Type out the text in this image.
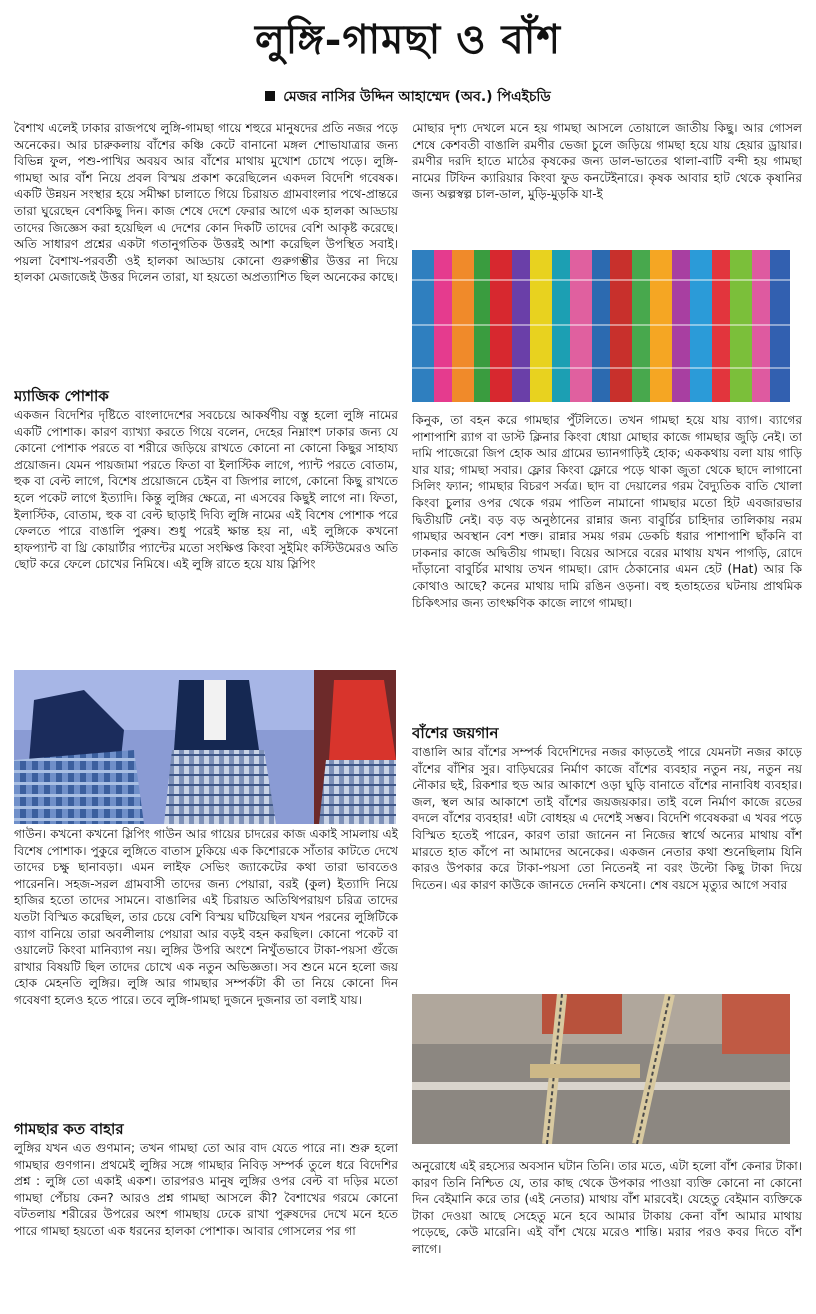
লুঙ্গি-গামছা ও বাঁশ
মেজর নাসির উদ্দিন আহাম্মেদ (অব.) পিএইচডি

বৈশাখ এলেই ঢাকার রাজপথে লুঙ্গি-গামছা গায়ে শহুরে মানুষদের প্রতি নজর পড়ে অনেকের। আর চারুকলায় বাঁশের কঞ্চি কেটে বানানো মঙ্গল শোভাযাত্রার জন্য বিভিন্ন ফুল, পশু-পাখির অবয়ব আর বাঁশের মাথায় মুখোশ চোখে পড়ে। লুঙ্গি-গামছা আর বাঁশ নিয়ে প্রবল বিস্ময় প্রকাশ করেছিলেন একদল বিদেশি গবেষক। একটি উন্নয়ন সংস্থার হয়ে সমীক্ষা চালাতে গিয়ে চিরায়ত গ্রামবাংলার পথে-প্রান্তরে তারা ঘুরেছেন বেশকিছু দিন। কাজ শেষে দেশে ফেরার আগে এক হালকা আড্ডায় তাদের জিজ্ঞেস করা হয়েছিল এ দেশের কোন দিকটি তাদের বেশি আকৃষ্ট করেছে। অতি সাধারণ প্রশ্নের একটা গতানুগতিক উত্তরই আশা করেছিল উপস্থিত সবাই। পয়লা বৈশাখ-পরবর্তী ওই হালকা আড্ডায় কোনো গুরুগম্ভীর উত্তর না দিয়ে হালকা মেজাজেই উত্তর দিলেন তারা, যা হয়তো অপ্রত্যাশিত ছিল অনেকের কাছে।

ম্যাজিক পোশাক

একজন বিদেশির দৃষ্টিতে বাংলাদেশের সবচেয়ে আকর্ষণীয় বস্তু হলো লুঙ্গি নামের একটি পোশাক। কারণ ব্যাখ্যা করতে গিয়ে বলেন, দেহের নিম্নাংশ ঢাকার জন্য যে কোনো পোশাক পরতে বা শরীরে জড়িয়ে রাখতে কোনো না কোনো কিছুর সাহায্য প্রয়োজন। যেমন পায়জামা পরতে ফিতা বা ইলাস্টিক লাগে, প্যান্ট পরতে বোতাম, হুক বা বেল্ট লাগে, বিশেষ প্রয়োজনে চেইন বা জিপার লাগে, কোনো কিছু রাখতে হলে পকেট লাগে ইত্যাদি। কিন্তু লুঙ্গির ক্ষেত্রে, না এসবের কিছুই লাগে না। ফিতা, ইলাস্টিক, বোতাম, হুক বা বেল্ট ছাড়াই দিব্যি লুঙ্গি নামের এই বিশেষ পোশাক পরে ফেলতে পারে বাঙালি পুরুষ। শুধু পরেই ক্ষান্ত হয় না, এই লুঙ্গিকে কখনো হাফপ্যান্ট বা থ্রি কোয়ার্টার প্যান্টের মতো সংক্ষিপ্ত কিংবা সুইমিং কস্টিউমেরও অতি ছোট করে ফেলে চোখের নিমিষে। এই লুঙ্গি রাতে হয়ে যায় স্লিপিং

গাউন। কখনো কখনো স্লিপিং গাউন আর গায়ের চাদরের কাজ একাই সামলায় এই বিশেষ পোশাক। পুকুরে লুঙ্গিতে বাতাস ঢুকিয়ে এক কিশোরকে সাঁতার কাটতে দেখে তাদের চক্ষু ছানাবড়া। এমন লাইফ সেভিং জ্যাকেটের কথা তারা ভাবতেও পারেননি। সহজ-সরল গ্রামবাসী তাদের জন্য পেয়ারা, বরই (কুল) ইত্যাদি নিয়ে হাজির হতো তাদের সামনে। বাঙালির এই চিরায়ত অতিথিপরায়ণ চরিত্র তাদের যতটা বিস্মিত করেছিল, তার চেয়ে বেশি বিস্ময় ঘটিয়েছিল যখন পরনের লুঙ্গিটিকে ব্যাগ বানিয়ে তারা অবলীলায় পেয়ারা আর বড়ই বহন করছিল। কোনো পকেট বা ওয়ালেট কিংবা মানিব্যাগ নয়। লুঙ্গির উপরি অংশে নিখুঁতভাবে টাকা-পয়সা গুঁজে রাখার বিষয়টি ছিল তাদের চোখে এক নতুন অভিজ্ঞতা। সব শুনে মনে হলো জয় হোক মেহনতি লুঙ্গির। লুঙ্গি আর গামছার সম্পর্কটা কী তা নিয়ে কোনো দিন গবেষণা হলেও হতে পারে। তবে লুঙ্গি-গামছা দুজনে দুজনার তা বলাই যায়।

গামছার কত বাহার

লুঙ্গির যখন এত গুণমান; তখন গামছা তো আর বাদ যেতে পারে না। শুরু হলো গামছার গুণগান। প্রথমেই লুঙ্গির সঙ্গে গামছার নিবিড় সম্পর্ক তুলে ধরে বিদেশির প্রশ্ন : লুঙ্গি তো একাই একশ। তারপরও মানুষ লুঙ্গির ওপর বেল্ট বা দড়ির মতো গামছা পেঁচায় কেন? আরও প্রশ্ন গামছা আসলে কী? বৈশাখের গরমে কোনো বটতলায় শরীরের উপরের অংশ গামছায় ঢেকে রাখা পুরুষদের দেখে মনে হতে পারে গামছা হয়তো এক ধরনের হালকা পোশাক। আবার গোসলের পর গা

মোছার দৃশ্য দেখলে মনে হয় গামছা আসলে তোয়ালে জাতীয় কিছু। আর গোসল শেষে কেশবতী বাঙালি রমণীর ভেজা চুলে জড়িয়ে গামছা হয়ে যায় হেয়ার ড্রায়ার। রমণীর দরদি হাতে মাঠের কৃষকের জন্য ডাল-ভাতের থালা-বাটি বন্দী হয় গামছা নামের টিফিন ক্যারিয়ার কিংবা ফুড কনটেইনারে। কৃষক আবার হাট থেকে কৃষানির জন্য অল্পস্বল্প চাল-ডাল, মুড়ি-মুড়কি যা-ই

কিনুক, তা বহন করে গামছার পুঁটলিতে। তখন গামছা হয়ে যায় ব্যাগ। ব্যাগের পাশাপাশি র‍্যাগ বা ডাস্ট ক্লিনার কিংবা ধোয়া মোছার কাজে গামছার জুড়ি নেই। তা দামি পাজেরো জিপ হোক আর গ্রামের ভ্যানগাড়িই হোক; এককথায় বলা যায় গাড়ি যার যার; গামছা সবার। ফ্লোর কিংবা ফ্লোরে পড়ে থাকা জুতা থেকে ছাদে লাগানো সিলিং ফ্যান; গামছার বিচরণ সর্বত্র। ছাদ বা দেয়ালের গরম বৈদ্যুতিক বাতি খোলা কিংবা চুলার ওপর থেকে গরম পাতিল নামানো গামছার মতো হিট এবজারভার দ্বিতীয়টি নেই। বড় বড় অনুষ্ঠানের রান্নার জন্য বাবুর্চির চাহিদার তালিকায় নরম গামছার অবস্থান বেশ শক্ত। রান্নার সময় গরম ডেকচি ধরার পাশাপাশি ছাঁকনি বা ঢাকনার কাজে অদ্বিতীয় গামছা। বিয়ের আসরে বরের মাথায় যখন পাগড়ি, রোদে দাঁড়ানো বাবুর্চির মাথায় তখন গামছা। রোদ ঠেকানোর এমন হেট (Hat) আর কি কোথাও আছে? কনের মাথায় দামি রঙিন ওড়না। বহু হতাহতের ঘটনায় প্রাথমিক চিকিৎসার জন্য তাৎক্ষণিক কাজে লাগে গামছা।

বাঁশের জয়গান

বাঙালি আর বাঁশের সম্পর্ক বিদেশিদের নজর কাড়তেই পারে যেমনটা নজর কাড়ে বাঁশের বাঁশির সুর। বাড়িঘরের নির্মাণ কাজে বাঁশের ব্যবহার নতুন নয়, নতুন নয় নৌকার ছই, রিকশার হুড আর আকাশে ওড়া ঘুড়ি বানাতে বাঁশের নানাবিধ ব্যবহার। জল, স্থল আর আকাশে তাই বাঁশের জয়জয়কার। তাই বলে নির্মাণ কাজে রডের বদলে বাঁশের ব্যবহার! এটা বোধহয় এ দেশেই সম্ভব। বিদেশি গবেষকরা এ খবর পড়ে বিস্মিত হতেই পারেন, কারণ তারা জানেন না নিজের স্বার্থে অন্যের মাথায় বাঁশ মারতে হাত কাঁপে না আমাদের অনেকের। একজন নেতার কথা শুনেছিলাম যিনি কারও উপকার করে টাকা-পয়সা তো নিতেনই না বরং উল্টো কিছু টাকা দিয়ে দিতেন। এর কারণ কাউকে জানতে দেননি কখনো। শেষ বয়সে মৃত্যুর আগে সবার

অনুরোধে এই রহস্যের অবসান ঘটান তিনি। তার মতে, এটা হলো বাঁশ কেনার টাকা। কারণ তিনি নিশ্চিত যে, তার কাছ থেকে উপকার পাওয়া ব্যক্তি কোনো না কোনো দিন বেইমানি করে তার (এই নেতার) মাথায় বাঁশ মারবেই। যেহেতু বেইমান ব্যক্তিকে টাকা দেওয়া আছে সেহেতু মনে হবে আমার টাকায় কেনা বাঁশ আমার মাথায় পড়েছে, কেউ মারেনি। এই বাঁশ খেয়ে মরেও শান্তি। মরার পরও কবর দিতে বাঁশ লাগে।
